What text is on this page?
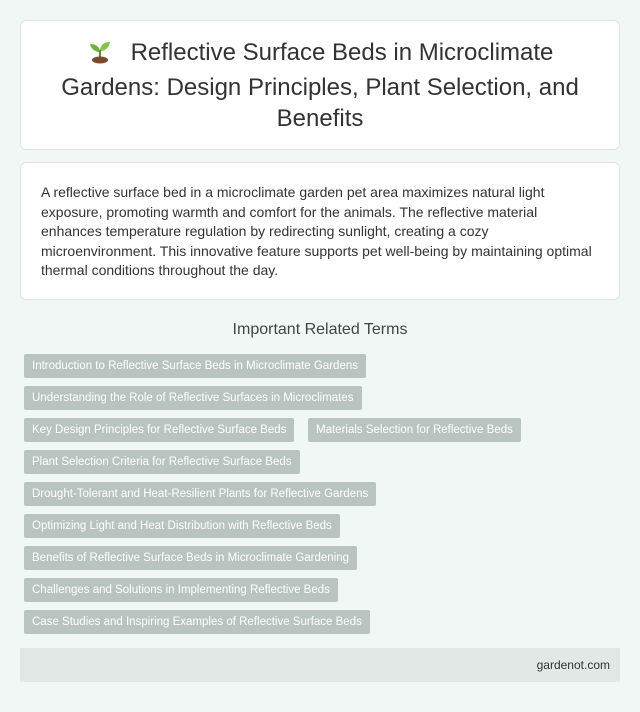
Reflective Surface Beds in Microclimate Gardens: Design Principles, Plant Selection, and Benefits

A reflective surface bed in a microclimate garden pet area maximizes natural light exposure, promoting warmth and comfort for the animals. The reflective material enhances temperature regulation by redirecting sunlight, creating a cozy microenvironment. This innovative feature supports pet well-being by maintaining optimal thermal conditions throughout the day.

Important Related Terms
Introduction to Reflective Surface Beds in Microclimate Gardens
Understanding the Role of Reflective Surfaces in Microclimates
Key Design Principles for Reflective Surface Beds	Materials Selection for Reflective Beds
Plant Selection Criteria for Reflective Surface Beds
Drought-Tolerant and Heat-Resilient Plants for Reflective Gardens
Optimizing Light and Heat Distribution with Reflective Beds
Benefits of Reflective Surface Beds in Microclimate Gardening
Challenges and Solutions in Implementing Reflective Beds
Case Studies and Inspiring Examples of Reflective Surface Beds
gardenot.com
